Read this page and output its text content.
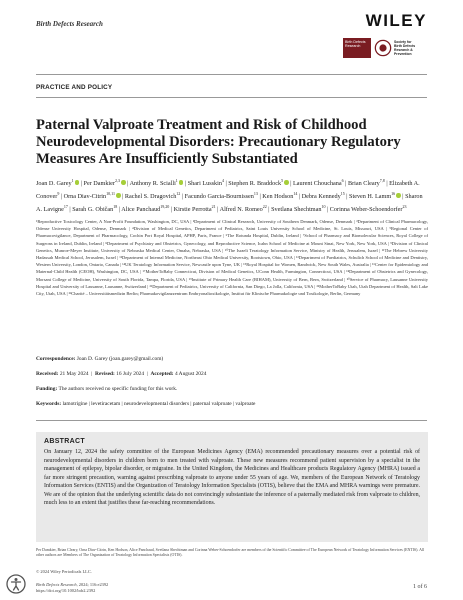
Birth Defects Research	WILEY
Birth Defects
Research
Society for
Birth Defects
Research &
Prevention
PRACTICE AND POLICY
Paternal Valproate Treatment and Risk of Childhood Neurodevelopmental Disorders: Precautionary Regulatory Measures Are Insufficiently Substantiated
Joan D. Garey$^1$ | Per Damkier$^{2,3}$ | Anthony R. Scialli$^1$ | Shari Lusskin$^4$ | Stephen R. Braddock$^5$ | Laurent Chouchana$^6$ | Brian Cleary$^{7,8}$ | Elizabeth A. Conover$^9$ | Orna Diav-Citrin$^{10,11}$ | Rachel S. Dragovich$^{12}$ | Facundo Garcia-Bournissen$^{13}$ | Ken Hodson$^{14}$ | Debra Kennedy$^{15}$ | Steven H. Lamm$^{16}$ | Sharon A. Lavigne$^{17}$ | Sarah G. Običan$^{18}$ | Alice Panchaud$^{19,20}$ | Kirstie Perrotta$^{21}$ | Alfred N. Romeo$^{22}$ | Svetlana Shechtman$^{10}$ | Corinna Weber-Schoendorfer$^{23}$
¹Reproductive Toxicology Center, A Non-Profit Foundation, Washington, DC, USA | ²Department of Clinical Research, University of Southern Denmark, Odense, Denmark | ³Department of Clinical Pharmacology, Odense University Hospital, Odense, Denmark | ⁴Division of Medical Genetics, Department of Pediatrics, Saint Louis University School of Medicine, St. Louis, Missouri, USA | ⁵Regional Center of Pharmacovigilance, Department of Pharmacology, Cochin Port Royal Hospital, APHP, Paris, France | ⁶The Rotunda Hospital, Dublin, Ireland | ⁷School of Pharmacy and Biomolecular Sciences, Royal College of Surgeons in Ireland, Dublin, Ireland | ⁸Department of Psychiatry and Obstetrics, Gynecology, and Reproductive Science, Icahn School of Medicine at Mount Sinai, New York, New York, USA | ⁹Division of Clinical Genetics, Munroe-Meyer Institute, University of Nebraska Medical Center, Omaha, Nebraska, USA | ¹⁰The Israeli Teratology Information Service, Ministry of Health, Jerusalem, Israel | ¹¹The Hebrew University Hadassah Medical School, Jerusalem, Israel | ¹²Department of Internal Medicine, Northeast Ohio Medical University, Rootstown, Ohio, USA | ¹³Department of Paediatrics, Schulich School of Medicine and Dentistry, Western University, London, Ontario, Canada | ¹⁴UK Teratology Information Service, Newcastle upon Tyne, UK | ¹⁵Royal Hospital for Women, Randwick, New South Wales, Australia | ¹⁶Center for Epidemiology and Maternal-Child Health (CEOH), Washington, DC, USA | ¹⁷MotherToBaby Connecticut, Division of Medical Genetics, UConn Health, Farmington, Connecticut, USA | ¹⁸Department of Obstetrics and Gynecology, Morsani College of Medicine, University of South Florida, Tampa, Florida, USA | ¹⁹Institute of Primary Health Care (BIHAM), University of Bern, Bern, Switzerland | ²⁰Service of Pharmacy, Lausanne University Hospital and University of Lausanne, Lausanne, Switzerland | ²¹Department of Pediatrics, University of California, San Diego, La Jolla, California, USA | ²²MotherToBaby Utah, Utah Department of Health, Salt Lake City, Utah, USA | ²³Charité – Universitätsmedizin Berlin; Pharmakovigilanzzentrum Embryonaltoxikologie, Institut für Klinische Pharmakologie und Toxikologie, Berlin, Germany
Correspondence: Joan D. Garey (joan.garey@gmail.com)
Received: 21 May 2024  |  Revised: 16 July 2024  |  Accepted: 4 August 2024
Funding: The authors received no specific funding for this work.
Keywords: lamotrigine | levetiracetam | neurodevelopmental disorders | paternal valproate | valproate
ABSTRACT
On January 12, 2024 the safety committee of the European Medicines Agency (EMA) recommended precautionary measures over a potential risk of neurodevelopmental disorders in children born to men treated with valproate. These new measures recommend patient supervision by a specialist in the management of epilepsy, bipolar disorder, or migraine. In the United Kingdom, the Medicines and Healthcare products Regulatory Agency (MHRA) issued a far more stringent precaution, warning against prescribing valproate to anyone under 55 years of age. We, members of the European Network of Teratology Information Services (ENTIS) and the Organization of Teratology Information Specialists (OTIS), believe that the EMA and MHRA warnings were premature. We are of the opinion that the underlying scientific data do not convincingly substantiate the inference of a paternally mediated risk from valproate to children, much less to an extent that justifies these far-reaching recommendations.
Per Damkier, Brian Cleary, Orna Diav-Citrin, Ken Hodson, Alice Panchaud, Svetlana Shechtman and Corinna Weber-Schoendorfer are members of the Scientific Committee of The European Network of Teratology Information Services (ENTIS). All other authors are Members of The Organization of Teratology Information Specialists (OTIS).
© 2024 Wiley Periodicals LLC.
Birth Defects Research, 2024; 116:e2392
https://doi.org/10.1002/bdr2.2392
1 of 6
